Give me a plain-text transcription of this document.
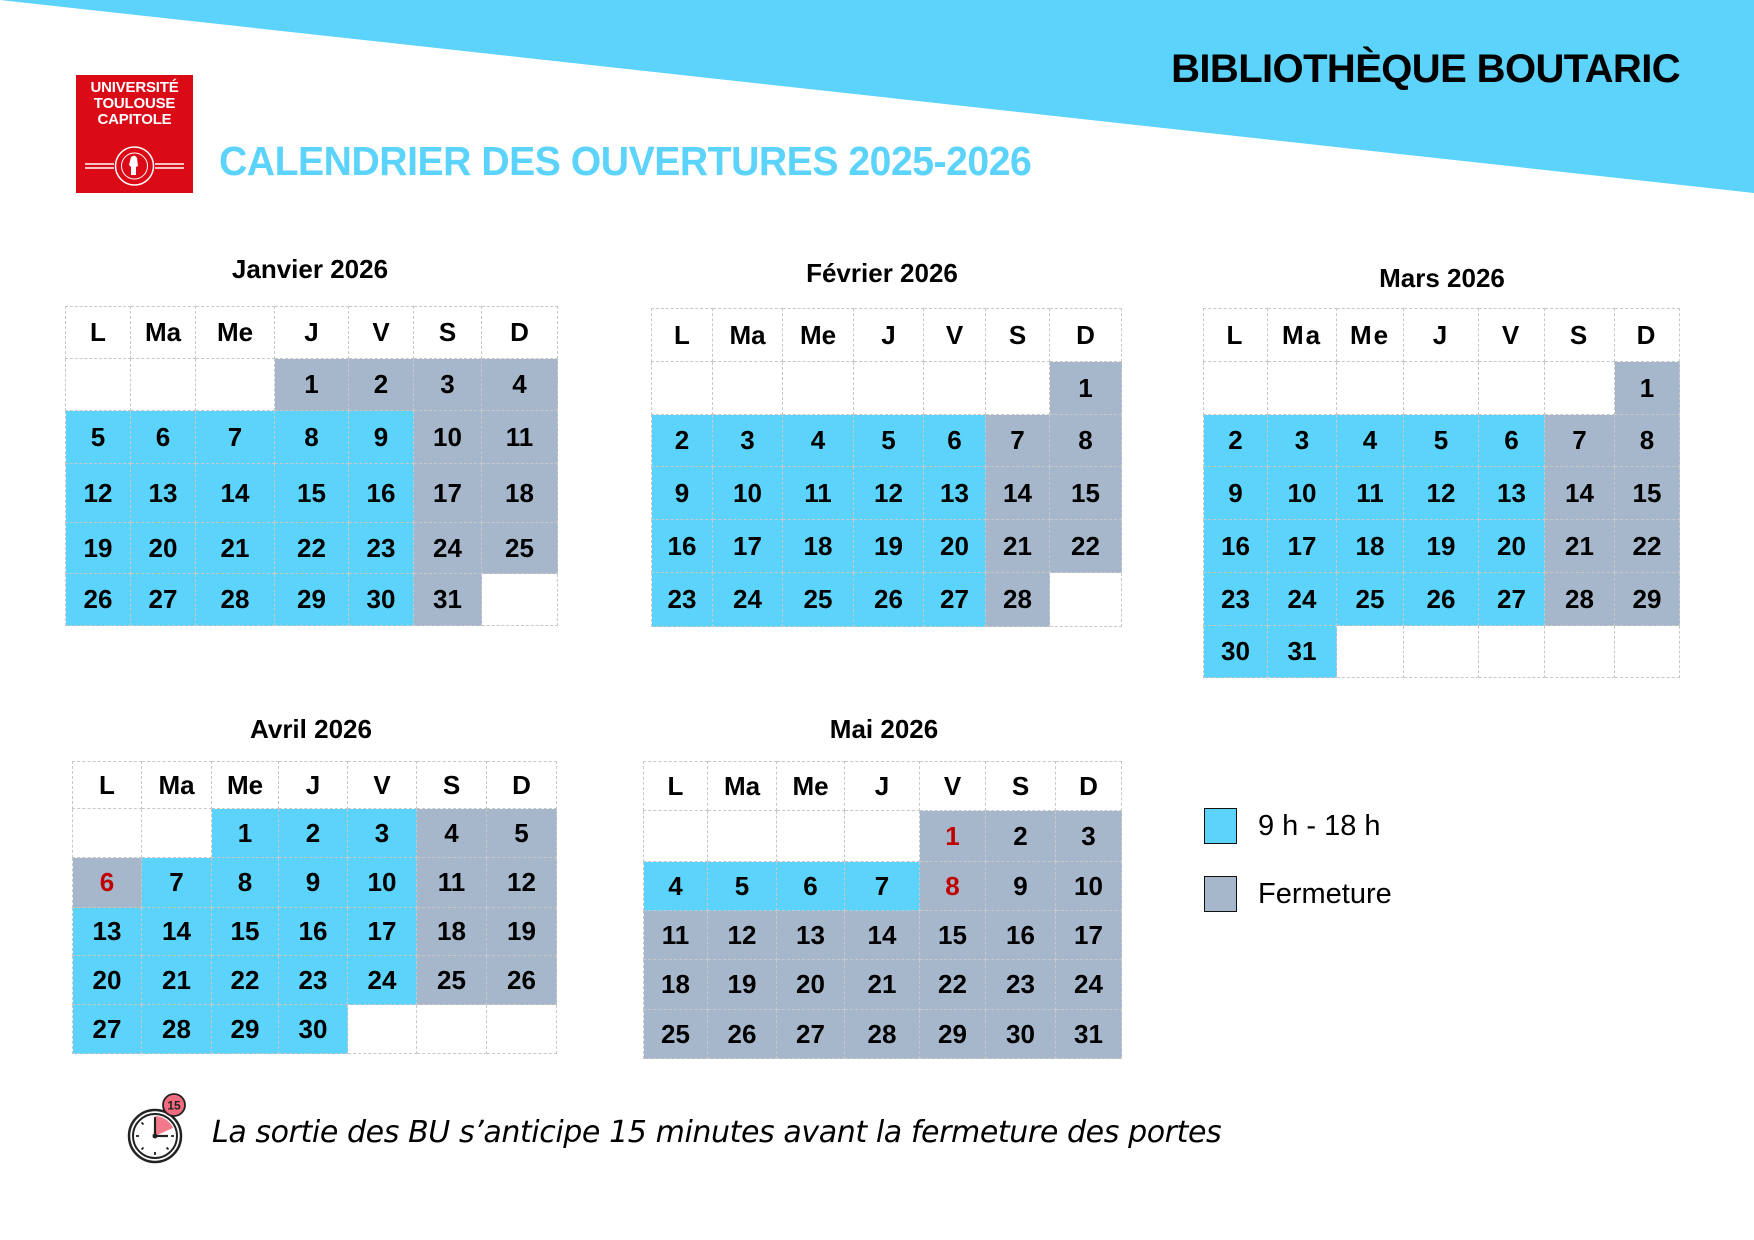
BIBLIOTHÈQUE BOUTARIC
UNIVERSITÉ
TOULOUSE
CAPITOLE
CALENDRIER DES OUVERTURES 2025-2026
Janvier 2026	Février 2026	Mars 2026
Avril 2026	Mai 2026
L	Ma	Me	J	V	S	D
			1	2	3	4
5	6	7	8	9	10	11
12	13	14	15	16	17	18
19	20	21	22	23	24	25
26	27	28	29	30	31	
L	Ma	Me	J	V	S	D
						1
2	3	4	5	6	7	8
9	10	11	12	13	14	15
16	17	18	19	20	21	22
23	24	25	26	27	28	
L	Ma	Me	J	V	S	D
						1
2	3	4	5	6	7	8
9	10	11	12	13	14	15
16	17	18	19	20	21	22
23	24	25	26	27	28	29
30	31					
L	Ma	Me	J	V	S	D
		1	2	3	4	5
6	7	8	9	10	11	12
13	14	15	16	17	18	19
20	21	22	23	24	25	26
27	28	29	30			
L	Ma	Me	J	V	S	D
				1	2	3
4	5	6	7	8	9	10
11	12	13	14	15	16	17
18	19	20	21	22	23	24
25	26	27	28	29	30	31
9 h - 18 h
Fermeture
15
La sortie des BU s’anticipe 15 minutes avant la fermeture des portes
